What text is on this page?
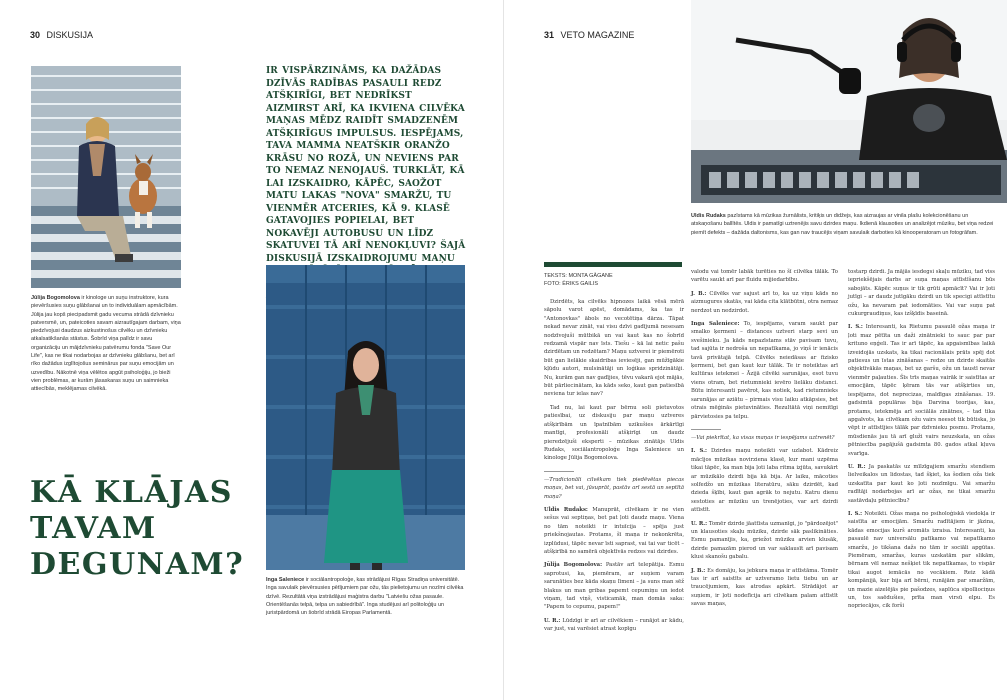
30 DISKUSIJA	31 VETO MAGAZINE

Jūlija Bogomolova ir kinologe un suņu instruktore, kura pievēršusies suņu glābšanai un to individuālam apmācībām. Jūlija jau kopš piecipadsmit gadu vecuma strādā dzīvnieku patversmē, un, pateicoties savam aizrautīgajam darbam, viņa piedzīvojusi daudzus aizkustinošus cilvēku un dzīvnieku atkalsatikšanās stāstus. Šobrīd viņa palīdz ir savu organizāciju un mājdzīvnieku patvērumu fonda "Save Our Life", kas ne tikai nodarbojas ar dzīvnieku glābšanu, bet arī rīko dažādus izglītojošus seminārus par suņu emocijām un uzvedību. Nākotnē viņa vēlētos apgūt psiholoģiju, jo bieži vien problēmas, ar kurām jāsaskaras suņu un saimnieka attiecībās, meklējamas cilvēkā.

IR VISPĀRZINĀMS, KA DAŽĀDAS DZĪVĀS RADĪBAS PASAULI REDZ ATŠĶIRĪGI, BET NEDRĪKST AIZMIRST ARĪ, KA IKVIENA CILVĒKA MAŅAS MĒDZ RAIDĪT SMADZENĒM ATŠĶIRĪGUS IMPULSUS. IESPĒJAMS, TAVA MAMMA NEATŠKIR ORANŽO KRĀSU NO ROZĀ, UN NEVIENS PAR TO NEMAZ NENOJAUŠ. TURKLĀT, KĀ LAI IZSKAIDRO, KĀPĒC, SAOŽOT MATU LAKAS "NOVA" SMARŽU, TU VIENMĒR ATCERIES, KĀ 9. KLASĒ GATAVOJIES POPIELAI, BET NOKAVĒJI AUTOBUSU UN LĪDZ SKATUVEI TĀ ARĪ NENOKĻUVI? ŠAJĀ DISKUSIJĀ IZSKAIDROJUMU MAŅU

KĀ KLĀJAS
TAVAM
DEGUNAM?	Inga Saleniece ir sociālantropoloģe, kas strādājusi Rīgas Stradiņa universitātē. Inga savulaik pievērsusies pētījumiem par ožu, tās pielietojumu un nozīmi cilvēka dzīvē. Rezultātā viņa izstrādājusi maģistra darbu "Latviešu ožas pasaule. Orientēšanās telpā, telpa un sabiedrībā". Inga studējusi arī politoloģiju un juristpārdomā un šobrīd strādā Eiropas Parlamentā.

Uldis Rudaks pazīstams kā mūzikas žurnālists, kritiķis un didžejs, kas aizraujas ar vinila plašu kolekcionēšanu un atskaņošanu ballītēs. Uldis ir pamatīgi uztrenējis savu dzirdes maņu. Ikdienā klausoties un analizējot mūziku, bet viņa redzei piemīt defekts – dažāda daltonisms, kas gan nav traucējis viņam savulaik darboties kā kinooperatoram un fotogrāfam.

TEKSTS: MONTA GĀGANE
FOTO: ĒRIKS GAILIS

Dzirdēts, ka cilvēks hipnozes laikā vēsā mērā sāpolu varot apēst, domādams, ka tas ir "Antonovkas" ābols no vecotētiņa dārza. Tāpat nekad nevar zināt, vai visu dzīvi gadījumā nesesam nodzīvojuši mūtbikā un vai kaut kas no šobrīd redzamā vispār nav īsts. Tiešu – kā lai netic pašu dzirdētam un redzētam? Maņu uztverei ir piemēroti būt gan lielākie skaidribas ieviesēji, gan mūžīgākie kļūdu autori, mulsinātāji un loģikas spridzinātāji. Nu, kurām gan nav gadījies, tēvu vakarā ejot mājās, būt pārliecinātam, ka kāds seko, kaut gan patiesībā neviena tur ielas nav?

Tad nu, lai kaut par bērnu soli pietuvotos patiesībai, uz diskusiju par maņu uztveres atšķirībām un īpatnībām uzikušies ārkārtīgi mantīgi, profesionāli atšķirīgi un daudz pieredzējuši eksperti – mūzikas zinātājs Uldis Rudaks, sociālantropoloģe Inga Saleniece un kinologe Jūlija Bogomolova.

—Tradicionāli cilvēkam tiek piedēvētas piecas maņas, bet vai, jūsuprāt, pastāv arī sestā un septītā maņa?

Uldis Rudaks: Manuprāt, cilvēkam ir ne vien sešus vai septiņas, bet pat ļoti daudz maņu. Viena no tām noteikti ir intuīcija – spēja just priekšnojautas. Protams, šī maņa ir nekonkrēta, izplūdusi, tāpēc nevar īsti saprast, vai tai var ticēt – atšķirībā no samērā objektīvās redzes vai dzirdes.

Jūlija Bogomolova: Pastāv arī telepātija. Esmu saprotusi, ka, piemēram, ar suņiem varam sarunāties bez kāda skaņu līmeni – ja suns man sēž blakus un man gribas papemt cepumiņu un iedot viņam, tad viņš, visticamāk, man domās saka: "Papem to cepumu, papem!"

U. R.: Lūdzīgi ir arī ar cilvēkiem – runājot ar kādu, var just, vai varēsiet atrast kopīgu

valodu vai tomēr labāk turēties no šī cilvēka tālāk. To varētu saukt arī par fluidu mijiedarbību.

J. B.: Cilvēks var sajust arī to, ka uz viņu kāds no aizmugures skatās, vai kāda cita klātbūtni, otra nemaz nerdzot un nedzirdot.

Inga Saleniece: To, iespējams, varam saukt par smalko ķermeni – distances uztveri starp sevi un svešinieku. Ja kāds nepazīstams stāv pavisam tuvu, tad sajūta ir nedroša un nepatīkama, jo viņš ir ienācis tavā privātajā telpā. Cilvēks neiedāsas ar fizisko ķermeni, bet gan kaut kur tālāk. Te ir noteiktas arī kultūras ietekmei – Āzijā cilvēki sarunājas, esot tuvu viens otram, bet rietumnieki ievēro lielāku distanci. Būtu interesanti pavērot, kas notiek, kad rietumnieks sarunājas ar aziātu – pirmais visu laiku atkāpsies, bet otrais mēģinās pietuvināties. Rezultātā viņi nemitīgi pārvietosies pa telpu.

—Vai piekrītat, ka visas maņas ir iespējams uztrenēt?

I. S.: Dzirdes maņu noteikti var uzlabot. Kādreiz mācījos mūzikas novirziena klasē, kur mani uzpēma tikai tāpēc, ka man bija ļoti laba ritma izjūta, savukārt ar mūzikālo dzirdi bija kā bija. Ar laiku, mācoties solfedžo un mūzikas literatūru, sāku dzirdēt, kad dzieda šķībi, kaut gan agrāk to nejutu. Katru dienu sestoties ar mūziku un trenējoties, var art dzirdi attīstīt.

U. R.: Tomēr dzirde jāattīsta uzmanīgi, jo "pārdozējot" un klausoties skaļu mūziku, dzirde sāk paslikināties. Esmu pamanījis, ka, griežot mūziku arvien klusāk, dzirde pamazām pierod un var saklausīt arī pavisam klusi skanošu gabalu.

J. B.: Es domāju, ka jebkura maņa ir attīstāma. Tomēr tas ir arī saistīts ar uztveramo lietu tiebu un ar traucējumiem, kas atrodas apkārt. Strādājot ar suņiem, ir ļoti nodefīcija ari cilvēkam palam attīstīt savas maņas,

tostarp dzirdi. Ja mājās iesdegsi skaļu mūziku, tad viss iepriekšējais darbs ar suņa maņas attīstīšanu būs sabojāts. Kāpēc suņus ir tik grūti apmācīt? Vai ir ļoti jutīgi – ar daudz jutīgāku dzirdi un tik specigi attīstītu ožu, ka nevaram pat iedomāties. Vai var suņu pat cukurgraudiņus, kas izšķīdis baseinā.

I. S.: Interesanti, ka Rietumu pasaulē ožas maņa ir ļoti maz pētīta un daži zinātnieki to sauc par par krituno eņģeli. Tas ir arī tāpēc, ka apgaismības laikā izveidojās uzskats, ka tikai racionālais prāts spēj dot patiesus un īstas zināšanas – redze un dzirde skaitās objektīvākās maņas, bet uz garšu, ožu un taustī nevar vienmēr paļauties. Šīs trīs maņas vairāk ir saistītas ar emocijām, tāpēc ķēram tās var atšķirties un, iespējams, dot neprecizas, maldīgas zināšanas. 19. gadsimtā populāras bija Darvina teorijas, kas, protams, ietekmēja arī sociālās zinātnes, – tad tika apgalvots, ka cilvēkam ožu vairs neesot tik būtiska, jo vēpt ir attīstījies tālāk par dzīvnieku posmu. Protams, mūsdienās jau tā arī gluži vairs neuzskata, un ožas pētniecība pagājušā gadsimta 80. gados atkal kļuva svarīga.

U. R.: Ja paskatās uz mīlzīgajiem smaržu stendiem lielveikalos un lidostas, tad šķiet, ka šodien oža tiek uzskatīta par kaut ko ļoti nozīmīgu. Vai smaržu radītāji nodarbojas arī ar ožas, ne tikai smaržu sastāvdaļu pētniecību?

I. S.: Noteikti. Ožas maņa no psiholoģiskā viedokļa ir saistīta ar emocijām. Smaržu radītājiem ir jāzina, kādas emocijas kurš aromāts izraisa. Interesanti, ka pasaulē nav universālu patīkamo vai nepatīkamo smaržu, jo tikšana dažs no tām ir sociāli apgūtas. Piemēram, smaržas, kuras uzskatām par slikām, bērnam vēl nemaz nešķiet tik nepatīkamas, to vispār tikai augot iemācās no vecākiem. Reiz kādā kompānijā, kur bija arī bērni, runājām par smaržām, un mazie aizelējās pie pašodzes, saplūca sipolliociņus un, tos saēdušies, prīta man virsū elpu. Es nopriecājos, cik forši
